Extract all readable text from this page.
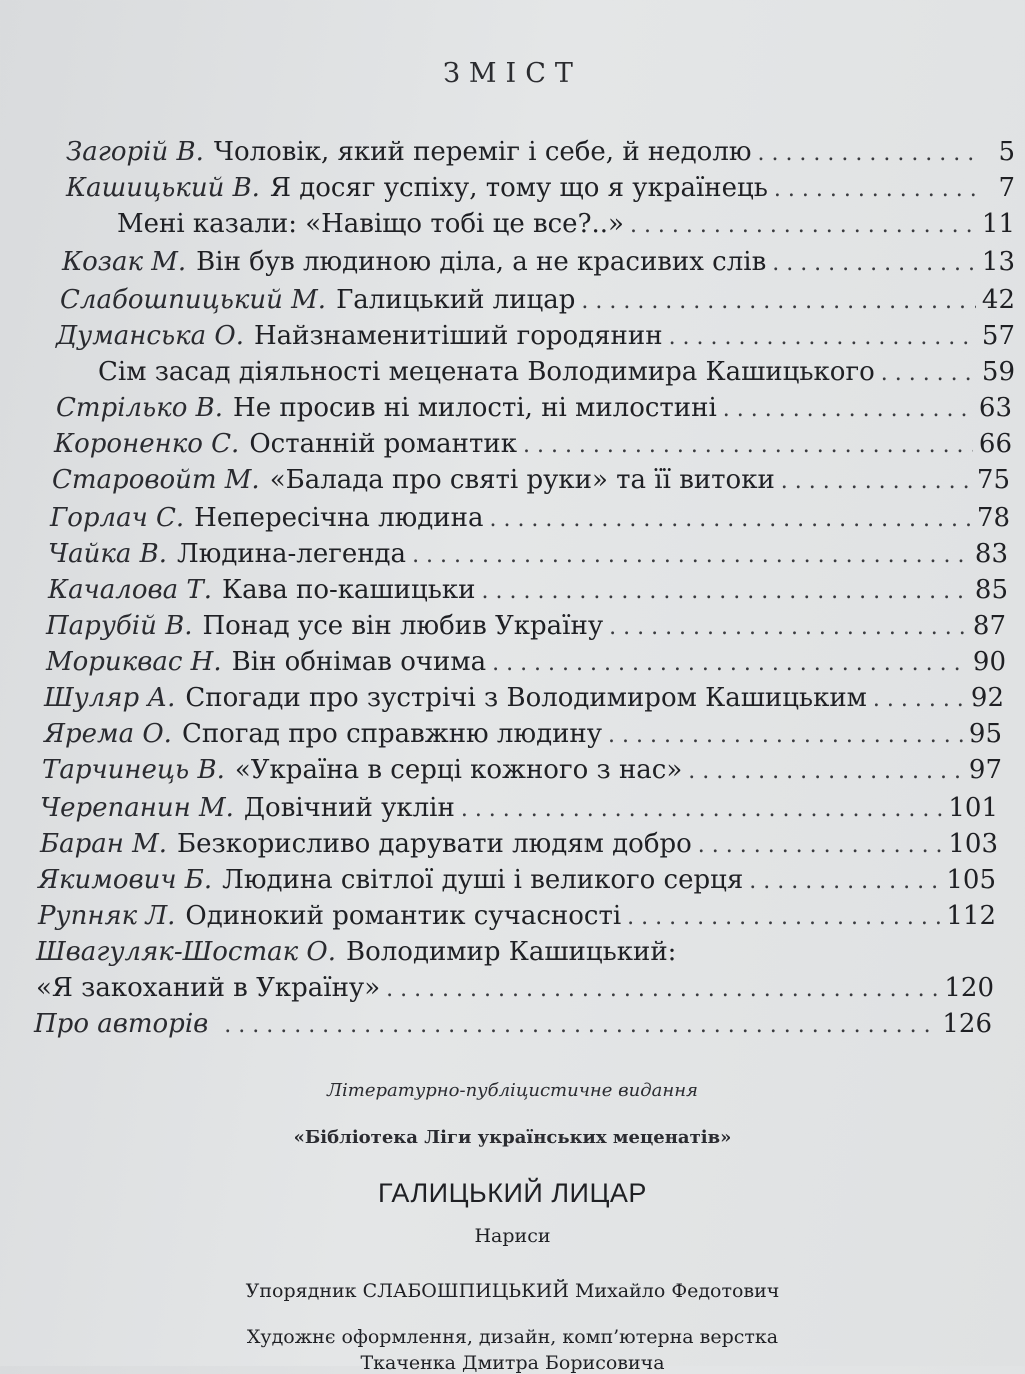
ЗМІСТ
Загорій В. Чоловік, який переміг і себе, й недолю . . .	5
Кашицький В. Я досяг успіху, тому що я українець . . .	7
Мені казали: «Навіщо тобі це все?..» . . .	11
Козак М. Він був людиною діла, а не красивих слів . . .	13
Слабошпицький М. Галицький лицар . . .	42
Думанська О. Найзнаменитіший городянин . . .	57
Сім засад діяльності мецената Володимира Кашицького . . .	59
Стрілько В. Не просив ні милості, ні милостині . . .	63
Короненко С. Останній романтик . . .	66
Старовойт М. «Балада про святі руки» та її витоки . . .	75
Горлач С. Непересічна людина . . .	78
Чайка В. Людина-легенда . . .	83
Качалова Т. Кава по-кашицьки . . .	85
Парубій В. Понад усе він любив Україну . . .	87
Мориквас Н. Він обнімав очима . . .	90
Шуляр А. Спогади про зустрічі з Володимиром Кашицьким . . .	92
Ярема О. Спогад про справжню людину . . .	95
Тарчинець В. «Україна в серці кожного з нас» . . .	97
Черепанин М. Довічний уклін . . .	101
Баран М. Безкорисливо дарувати людям добро . . .	103
Якимович Б. Людина світлої душі і великого серця . . .	105
Рупняк Л. Одинокий романтик сучасності . . .	112
Швагуляк-Шостак О. Володимир Кашицький:
«Я закоханий в Україну» . . .	120
Про авторів . . .	126
Літературно-публіцистичне видання
«Бібліотека Ліги українських меценатів»
ГАЛИЦЬКИЙ ЛИЦАР
Нариси
Упорядник СЛАБОШПИЦЬКИЙ Михайло Федотович
Художнє оформлення, дизайн, комп’ютерна верстка
Ткаченка Дмитра Борисовича
